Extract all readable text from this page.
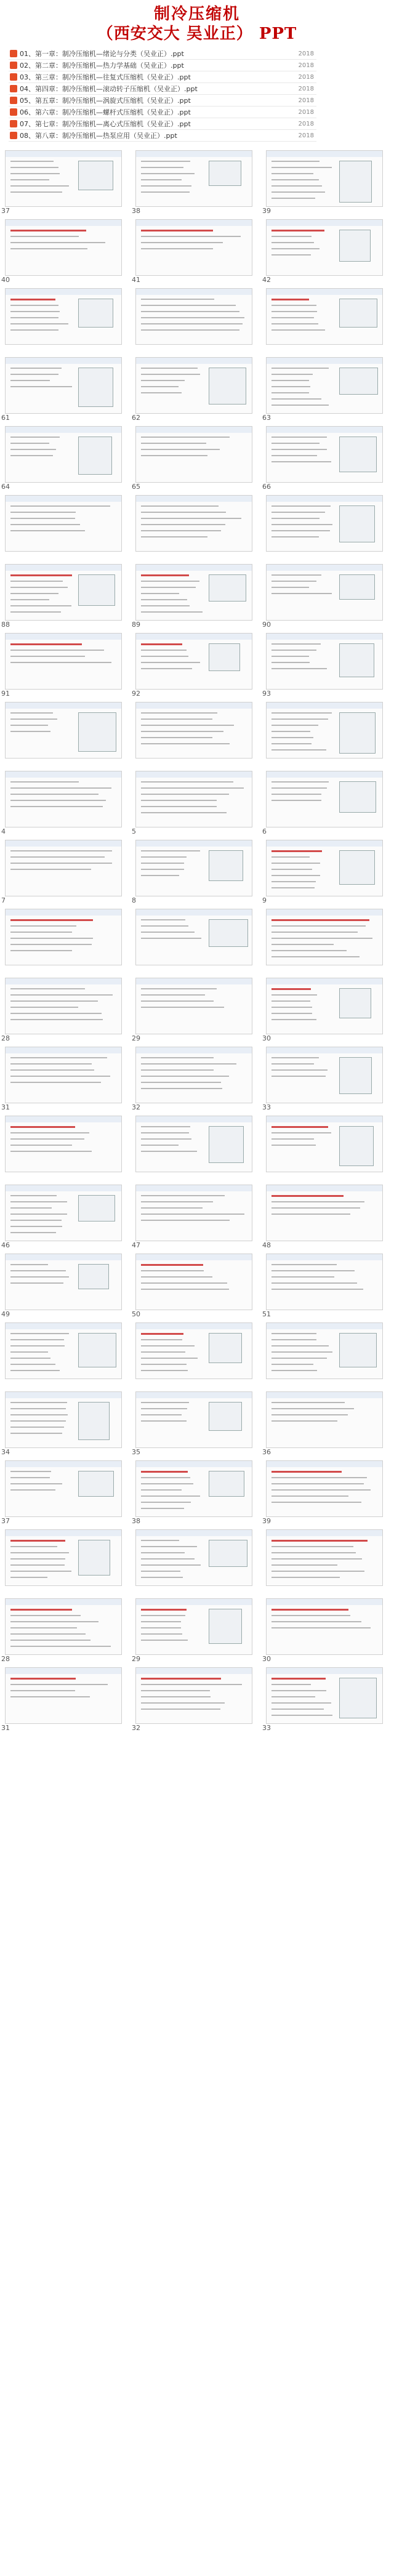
制冷压缩机
（西安交大 吴业正） PPT
01、第一章：制冷压缩机—绪论与分类（吴业正）.ppt	2018
02、第二章：制冷压缩机—热力学基础（吴业正）.ppt	2018
03、第三章：制冷压缩机—往复式压缩机（吴业正）.ppt	2018
04、第四章：制冷压缩机—滚动转子压缩机（吴业正）.ppt	2018
05、第五章：制冷压缩机—涡旋式压缩机（吴业正）.ppt	2018
06、第六章：制冷压缩机—螺杆式压缩机（吴业正）.ppt	2018
07、第七章：制冷压缩机—离心式压缩机（吴业正）.ppt	2018
08、第八章：制冷压缩机—热泵应用（吴业正）.ppt	2018
37	38	39
40	41	42
61	62	63
64	65	66
88	89	90
91	92	93
4	5	6
7	8	9
28	29	30
31	32	33
46	47	48
49	50	51
34	35	36
37	38	39
28	29	30
31	32	33
